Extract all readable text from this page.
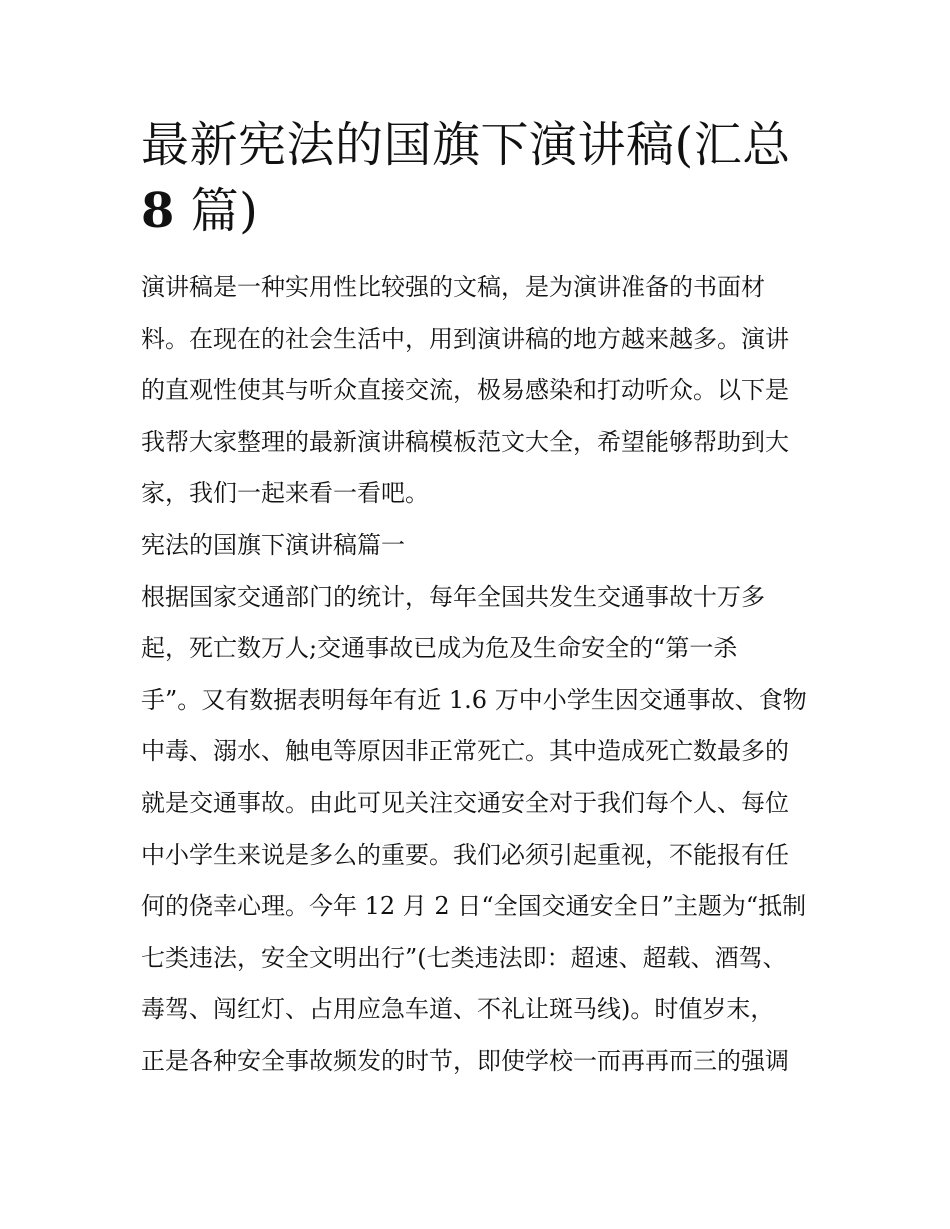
最新宪法的国旗下演讲稿(汇总
8 篇)

演讲稿是一种实用性比较强的文稿，是为演讲准备的书面材

料。在现在的社会生活中，用到演讲稿的地方越来越多。演讲

的直观性使其与听众直接交流，极易感染和打动听众。以下是

我帮大家整理的最新演讲稿模板范文大全，希望能够帮助到大

家，我们一起来看一看吧。

宪法的国旗下演讲稿篇一

根据国家交通部门的统计，每年全国共发生交通事故十万多

起，死亡数万人;交通事故已成为危及生命安全的“第一杀

手”。又有数据表明每年有近 1.6 万中小学生因交通事故、食物

中毒、溺水、触电等原因非正常死亡。其中造成死亡数最多的

就是交通事故。由此可见关注交通安全对于我们每个人、每位

中小学生来说是多么的重要。我们必须引起重视，不能报有任

何的侥幸心理。今年 12 月 2 日“全国交通安全日”主题为“抵制

七类违法，安全文明出行”(七类违法即：超速、超载、酒驾、

毒驾、闯红灯、占用应急车道、不礼让斑马线)。时值岁末，

正是各种安全事故频发的时节，即使学校一而再再而三的强调
